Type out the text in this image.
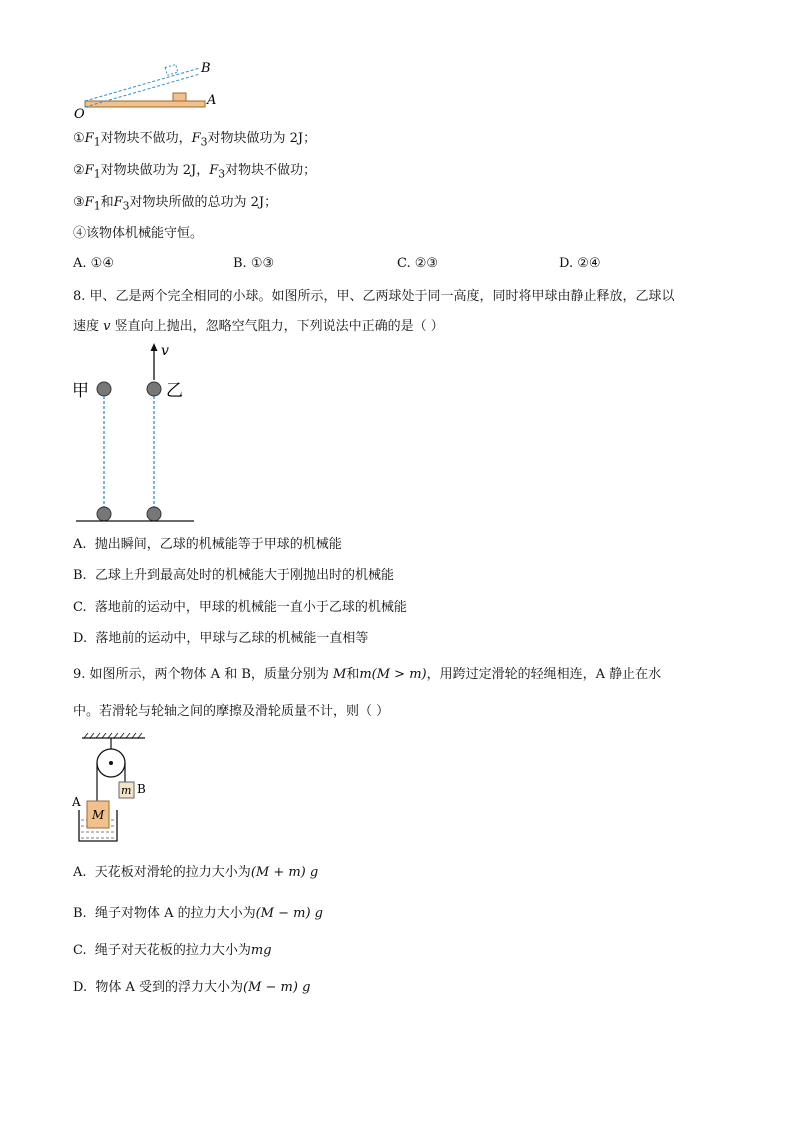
O
A
B
$①F_1$对物块不做功，$F_3$对物块做功为 2J；
$②F_1$对物块做功为 2J，$F_3$对物块不做功；
$③F_1$和$F_3$对物块所做的总功为 2J；
④该物体机械能守恒。
A. ①④	B. ①③	C. ②③	D. ②④
8. 甲、乙是两个完全相同的小球。如图所示，甲、乙两球处于同一高度，同时将甲球由静止释放，乙球以
速度 v 竖直向上抛出，忽略空气阻力，下列说法中正确的是（ ）
v
甲	乙
A. 抛出瞬间，乙球的机械能等于甲球的机械能
B. 乙球上升到最高处时的机械能大于刚抛出时的机械能
C. 落地前的运动中，甲球的机械能一直小于乙球的机械能
D. 落地前的运动中，甲球与乙球的机械能一直相等
9. 如图所示，两个物体 A 和 B，质量分别为 M和m(M > m)，用跨过定滑轮的轻绳相连，A 静止在水
中。若滑轮与轮轴之间的摩擦及滑轮质量不计，则（ ）
M
m
A
B
A. 天花板对滑轮的拉力大小为(M + m) g
B. 绳子对物体 A 的拉力大小为(M − m) g
C. 绳子对天花板的拉力大小为mg
D. 物体 A 受到的浮力大小为(M − m) g
